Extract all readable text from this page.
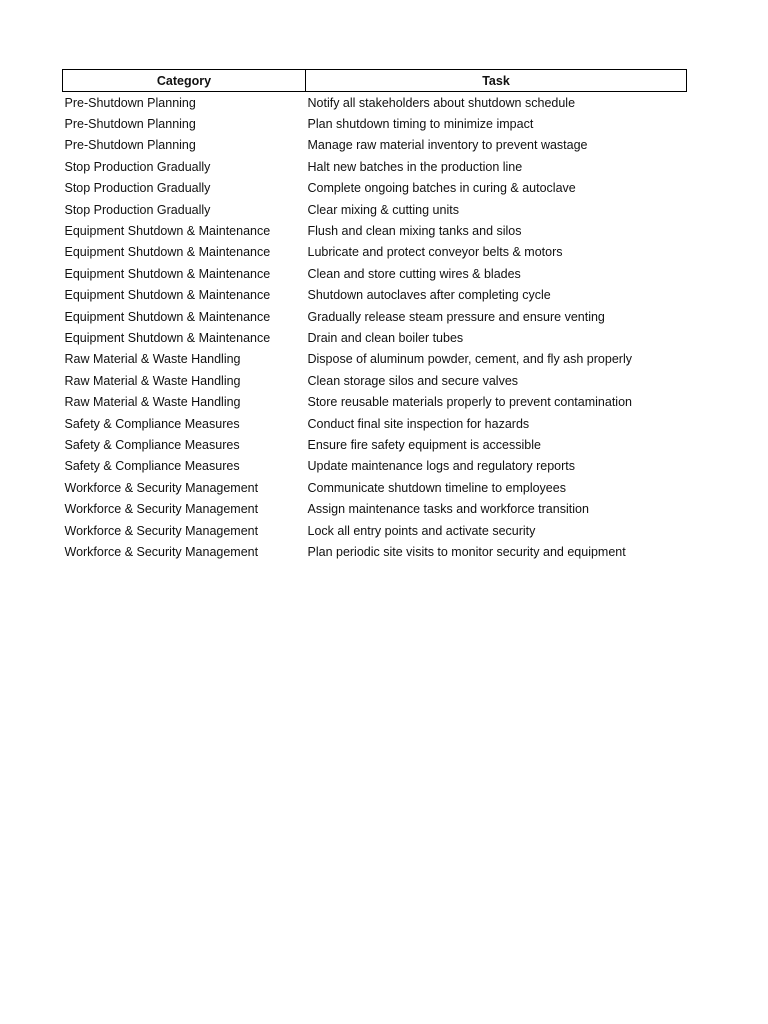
Category	Task
Pre-Shutdown Planning	Notify all stakeholders about shutdown schedule
Pre-Shutdown Planning	Plan shutdown timing to minimize impact
Pre-Shutdown Planning	Manage raw material inventory to prevent wastage
Stop Production Gradually	Halt new batches in the production line
Stop Production Gradually	Complete ongoing batches in curing & autoclave
Stop Production Gradually	Clear mixing & cutting units
Equipment Shutdown & Maintenance	Flush and clean mixing tanks and silos
Equipment Shutdown & Maintenance	Lubricate and protect conveyor belts & motors
Equipment Shutdown & Maintenance	Clean and store cutting wires & blades
Equipment Shutdown & Maintenance	Shutdown autoclaves after completing cycle
Equipment Shutdown & Maintenance	Gradually release steam pressure and ensure venting
Equipment Shutdown & Maintenance	Drain and clean boiler tubes
Raw Material & Waste Handling	Dispose of aluminum powder, cement, and fly ash properly
Raw Material & Waste Handling	Clean storage silos and secure valves
Raw Material & Waste Handling	Store reusable materials properly to prevent contamination
Safety & Compliance Measures	Conduct final site inspection for hazards
Safety & Compliance Measures	Ensure fire safety equipment is accessible
Safety & Compliance Measures	Update maintenance logs and regulatory reports
Workforce & Security Management	Communicate shutdown timeline to employees
Workforce & Security Management	Assign maintenance tasks and workforce transition
Workforce & Security Management	Lock all entry points and activate security
Workforce & Security Management	Plan periodic site visits to monitor security and equipment
